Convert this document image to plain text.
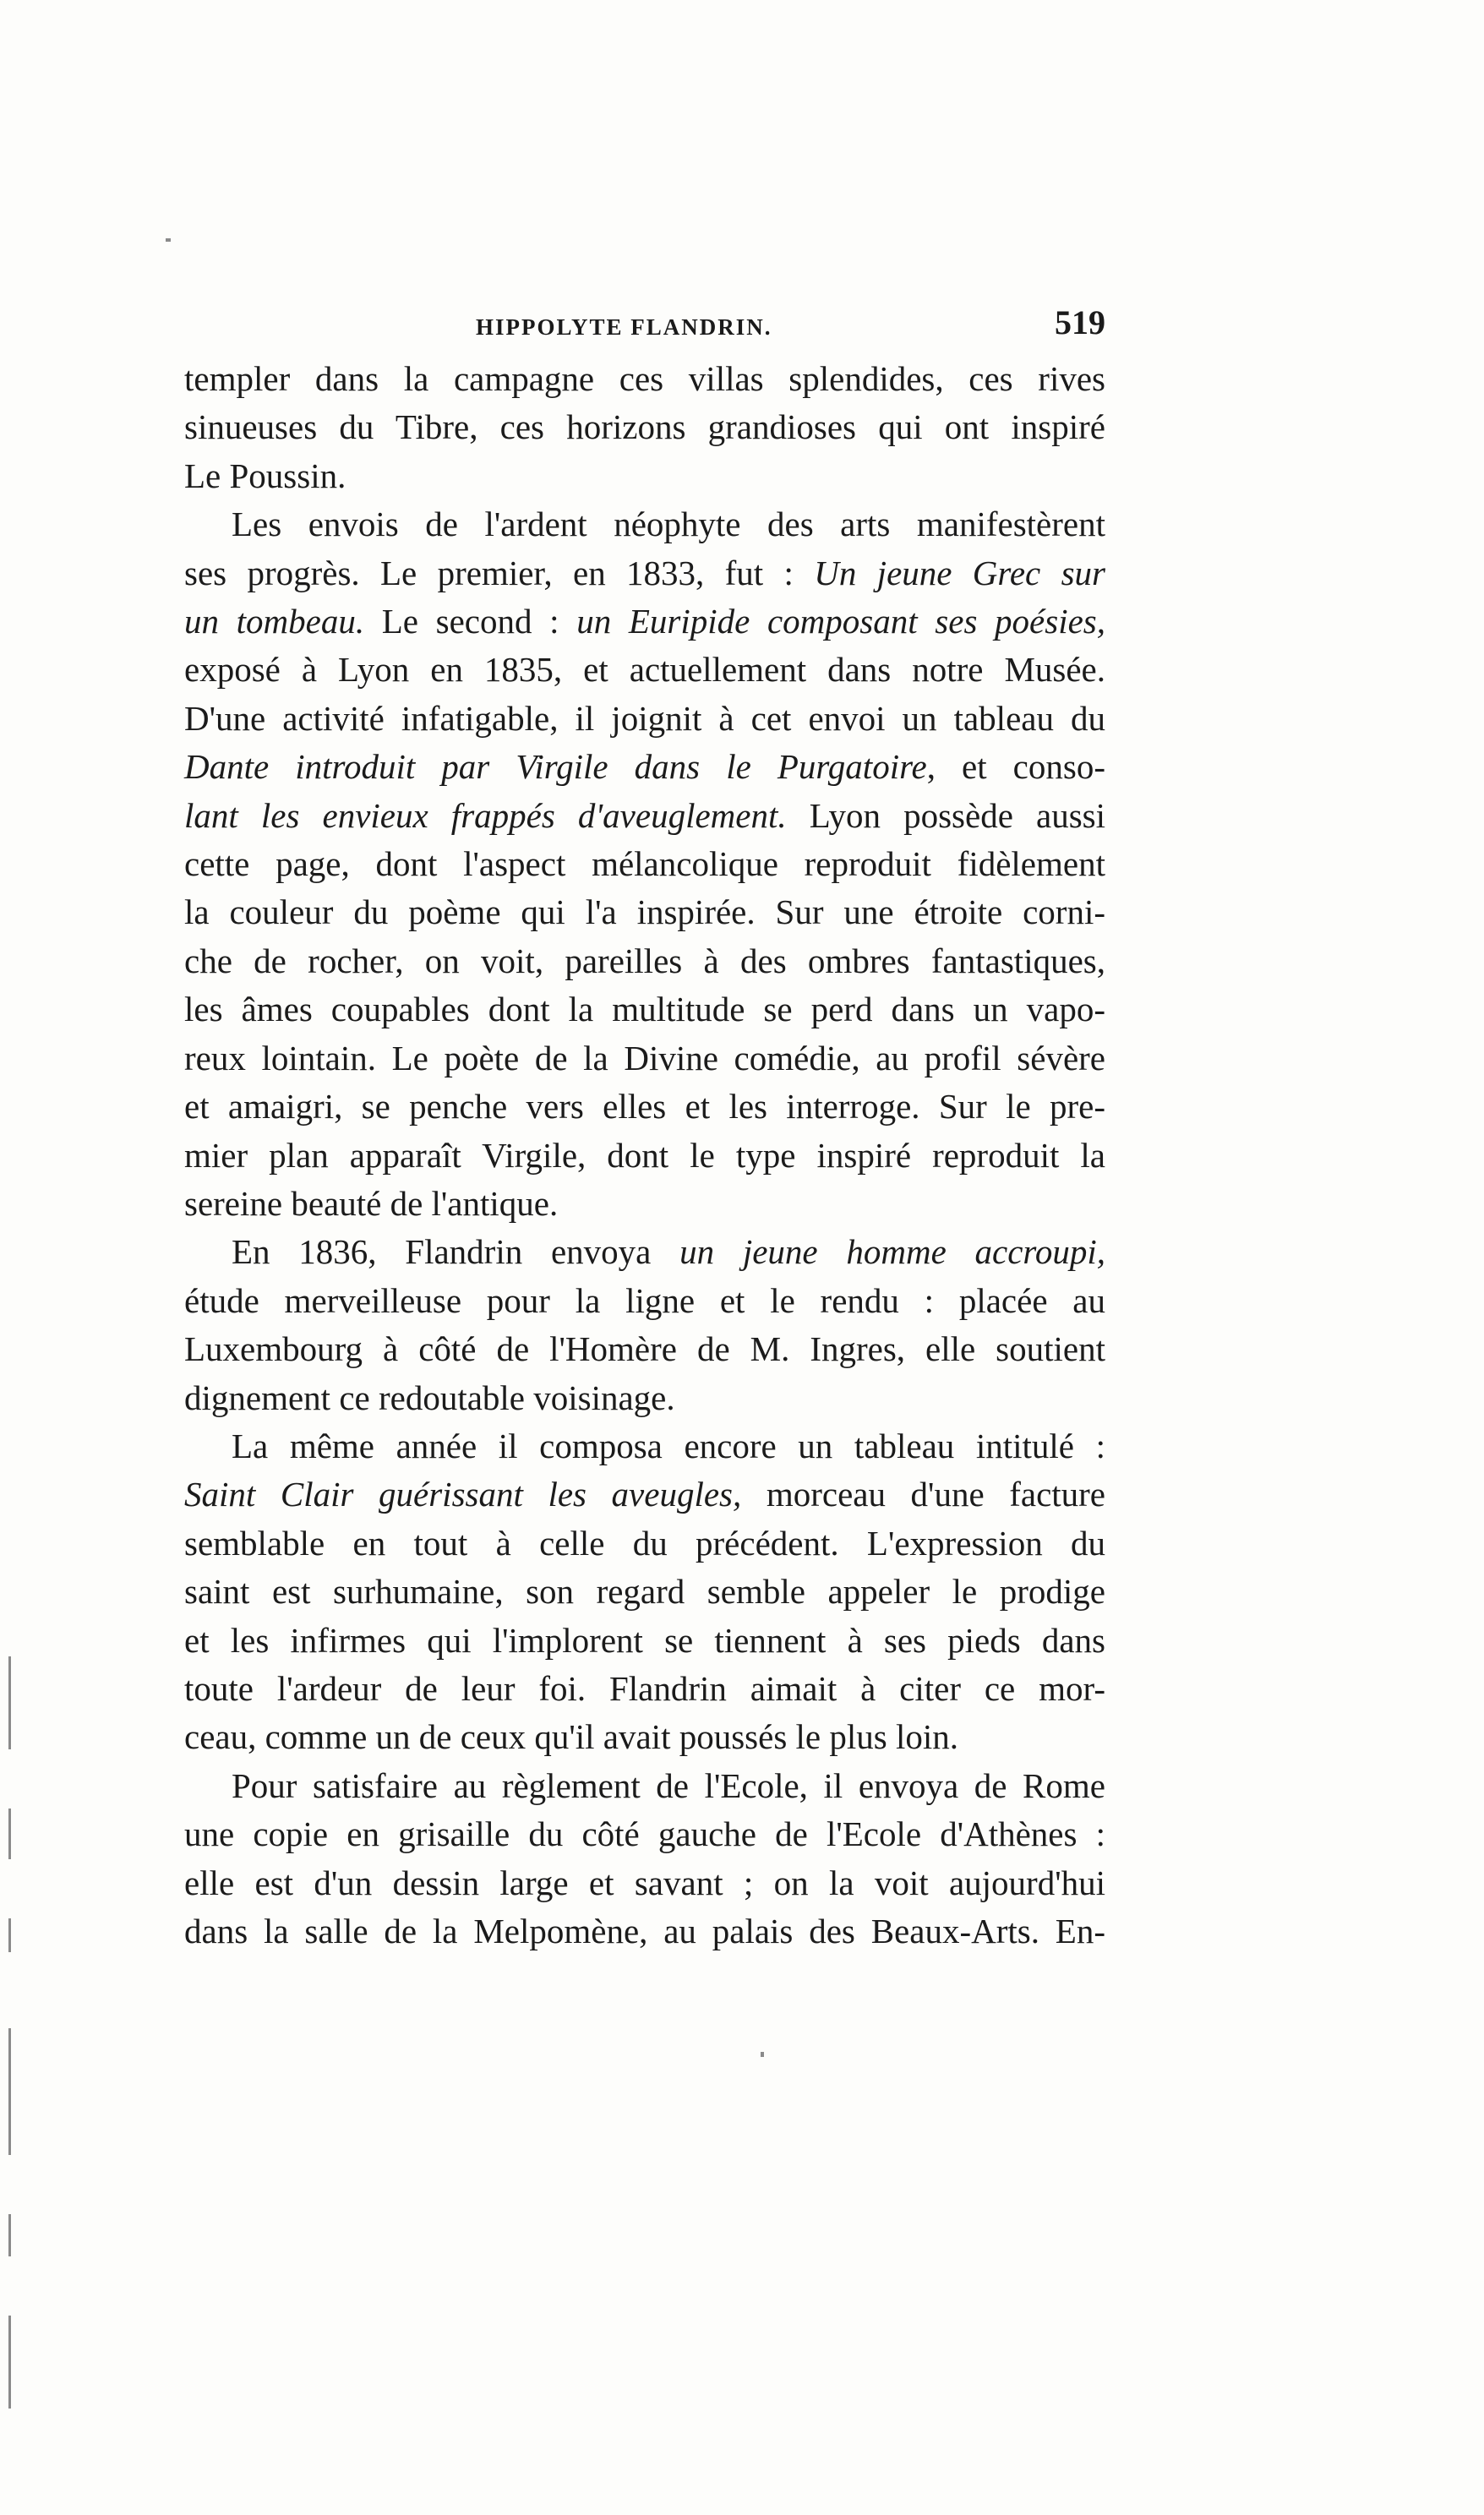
HIPPOLYTE FLANDRIN.	519

templer dans la campagne ces villas splendides, ces rives
sinueuses du Tibre, ces horizons grandioses qui ont inspiré
Le Poussin.

Les envois de l'ardent néophyte des arts manifestèrent
ses progrès. Le premier, en 1833, fut : Un jeune Grec sur
un tombeau. Le second : un Euripide composant ses poésies,
exposé à Lyon en 1835, et actuellement dans notre Musée.
D'une activité infatigable, il joignit à cet envoi un tableau du
Dante introduit par Virgile dans le Purgatoire, et conso-
lant les envieux frappés d'aveuglement. Lyon possède aussi
cette page, dont l'aspect mélancolique reproduit fidèlement
la couleur du poème qui l'a inspirée. Sur une étroite corni-
che de rocher, on voit, pareilles à des ombres fantastiques,
les âmes coupables dont la multitude se perd dans un vapo-
reux lointain. Le poète de la Divine comédie, au profil sévère
et amaigri, se penche vers elles et les interroge. Sur le pre-
mier plan apparaît Virgile, dont le type inspiré reproduit la
sereine beauté de l'antique.

En 1836, Flandrin envoya un jeune homme accroupi,
étude merveilleuse pour la ligne et le rendu : placée au
Luxembourg à côté de l'Homère de M. Ingres, elle soutient
dignement ce redoutable voisinage.

La même année il composa encore un tableau intitulé :
Saint Clair guérissant les aveugles, morceau d'une facture
semblable en tout à celle du précédent. L'expression du
saint est surhumaine, son regard semble appeler le prodige
et les infirmes qui l'implorent se tiennent à ses pieds dans
toute l'ardeur de leur foi. Flandrin aimait à citer ce mor-
ceau, comme un de ceux qu'il avait poussés le plus loin.

Pour satisfaire au règlement de l'Ecole, il envoya de Rome
une copie en grisaille du côté gauche de l'Ecole d'Athènes :
elle est d'un dessin large et savant ; on la voit aujourd'hui
dans la salle de la Melpomène, au palais des Beaux-Arts. En-
